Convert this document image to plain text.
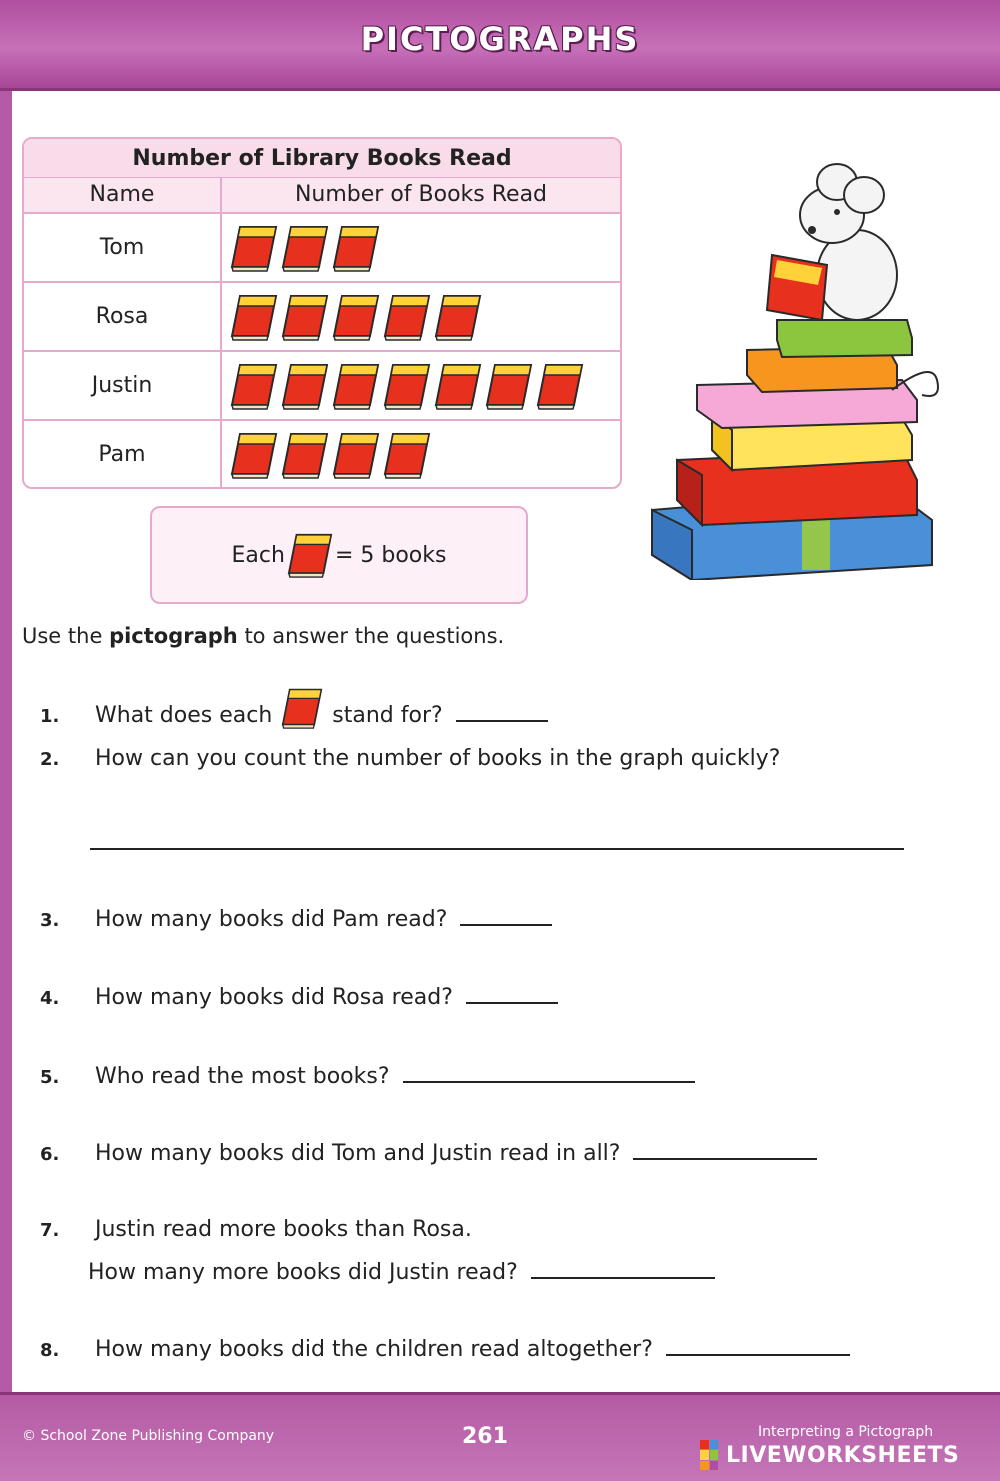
PICTOGRAPHS
Number of Library Books Read
Name	Number of Books Read
Tom
Rosa
Justin
Pam
Each = 5 books
Use the pictograph to answer the questions.
1. What does each	stand for?
2. How can you count the number of books in the graph quickly?
3. How many books did Pam read?
4. How many books did Rosa read?
5. Who read the most books?
6. How many books did Tom and Justin read in all?
7. Justin read more books than Rosa.
How many more books did Justin read?
8. How many books did the children read altogether?
© School Zone Publishing Company	261	Interpreting a Pictograph
LIVEWORKSHEETS
